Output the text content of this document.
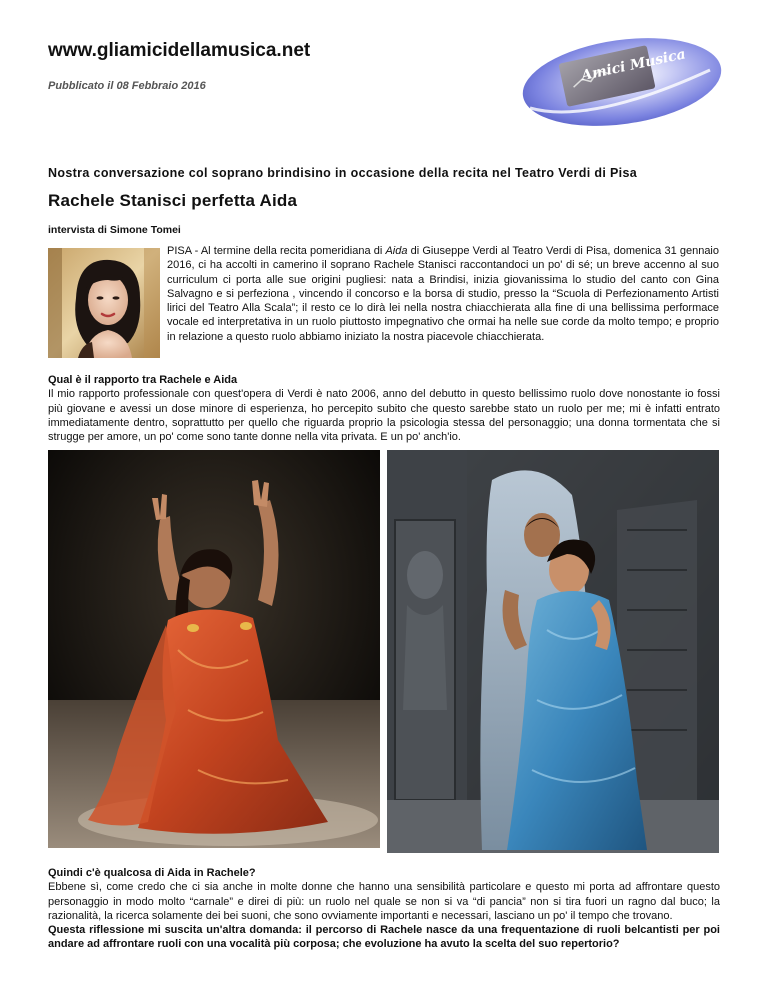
www.gliamicidellamusica.net
Pubblicato il 08 Febbraio 2016
Amici Musica
Nostra conversazione col soprano brindisino in occasione della recita nel Teatro Verdi di Pisa
Rachele Stanisci perfetta Aida
intervista di Simone Tomei

PISA - Al termine della recita pomeridiana di Aida di Giuseppe Verdi al Teatro Verdi di Pisa, domenica 31 gennaio 2016, ci ha accolti in camerino il soprano Rachele Stanisci raccontandoci un po' di sé; un breve accenno al suo curriculum ci porta alle sue origini pugliesi: nata a Brindisi, inizia giovanissima lo studio del canto con Gina Salvagno e si perfeziona , vincendo il concorso e la borsa di studio, presso la “Scuola di Perfezionamento Artisti lirici del Teatro Alla Scala”; il resto ce lo dirà lei nella nostra chiacchierata alla fine di una bellissima performace vocale ed interpretativa in un ruolo piuttosto impegnativo che ormai ha nelle sue corde da molto tempo; e proprio in relazione a questo ruolo abbiamo iniziato la nostra piacevole chiacchierata.

Qual è il rapporto tra Rachele e Aida

Il mio rapporto professionale con quest'opera di Verdi è nato 2006, anno del debutto in questo bellissimo ruolo dove nonostante io fossi più giovane e avessi un dose minore di esperienza, ho percepito subito che questo sarebbe stato un ruolo per me; mi è infatti entrato immediatamente dentro, soprattutto per quello che riguarda proprio la psicologia stessa del personaggio; una donna tormentata che si strugge per amore, un po' come sono tante donne nella vita privata. E un po' anch'io.

Quindi c'è qualcosa di Aida in Rachele?

Ebbene sì, come credo che ci sia anche in molte donne che hanno una sensibilità particolare e questo mi porta ad affrontare questo personaggio in modo molto “carnale” e direi di più: un ruolo nel quale se non si va “di pancia” non si tira fuori un ragno dal buco; la razionalità, la ricerca solamente dei bei suoni, che sono ovviamente importanti e necessari, lasciano un po' il tempo che trovano.

Questa riflessione mi suscita un'altra domanda: il percorso di Rachele nasce da una frequentazione di ruoli belcantisti per poi andare ad affrontare ruoli con una vocalità più corposa; che evoluzione ha avuto la scelta del suo repertorio?
